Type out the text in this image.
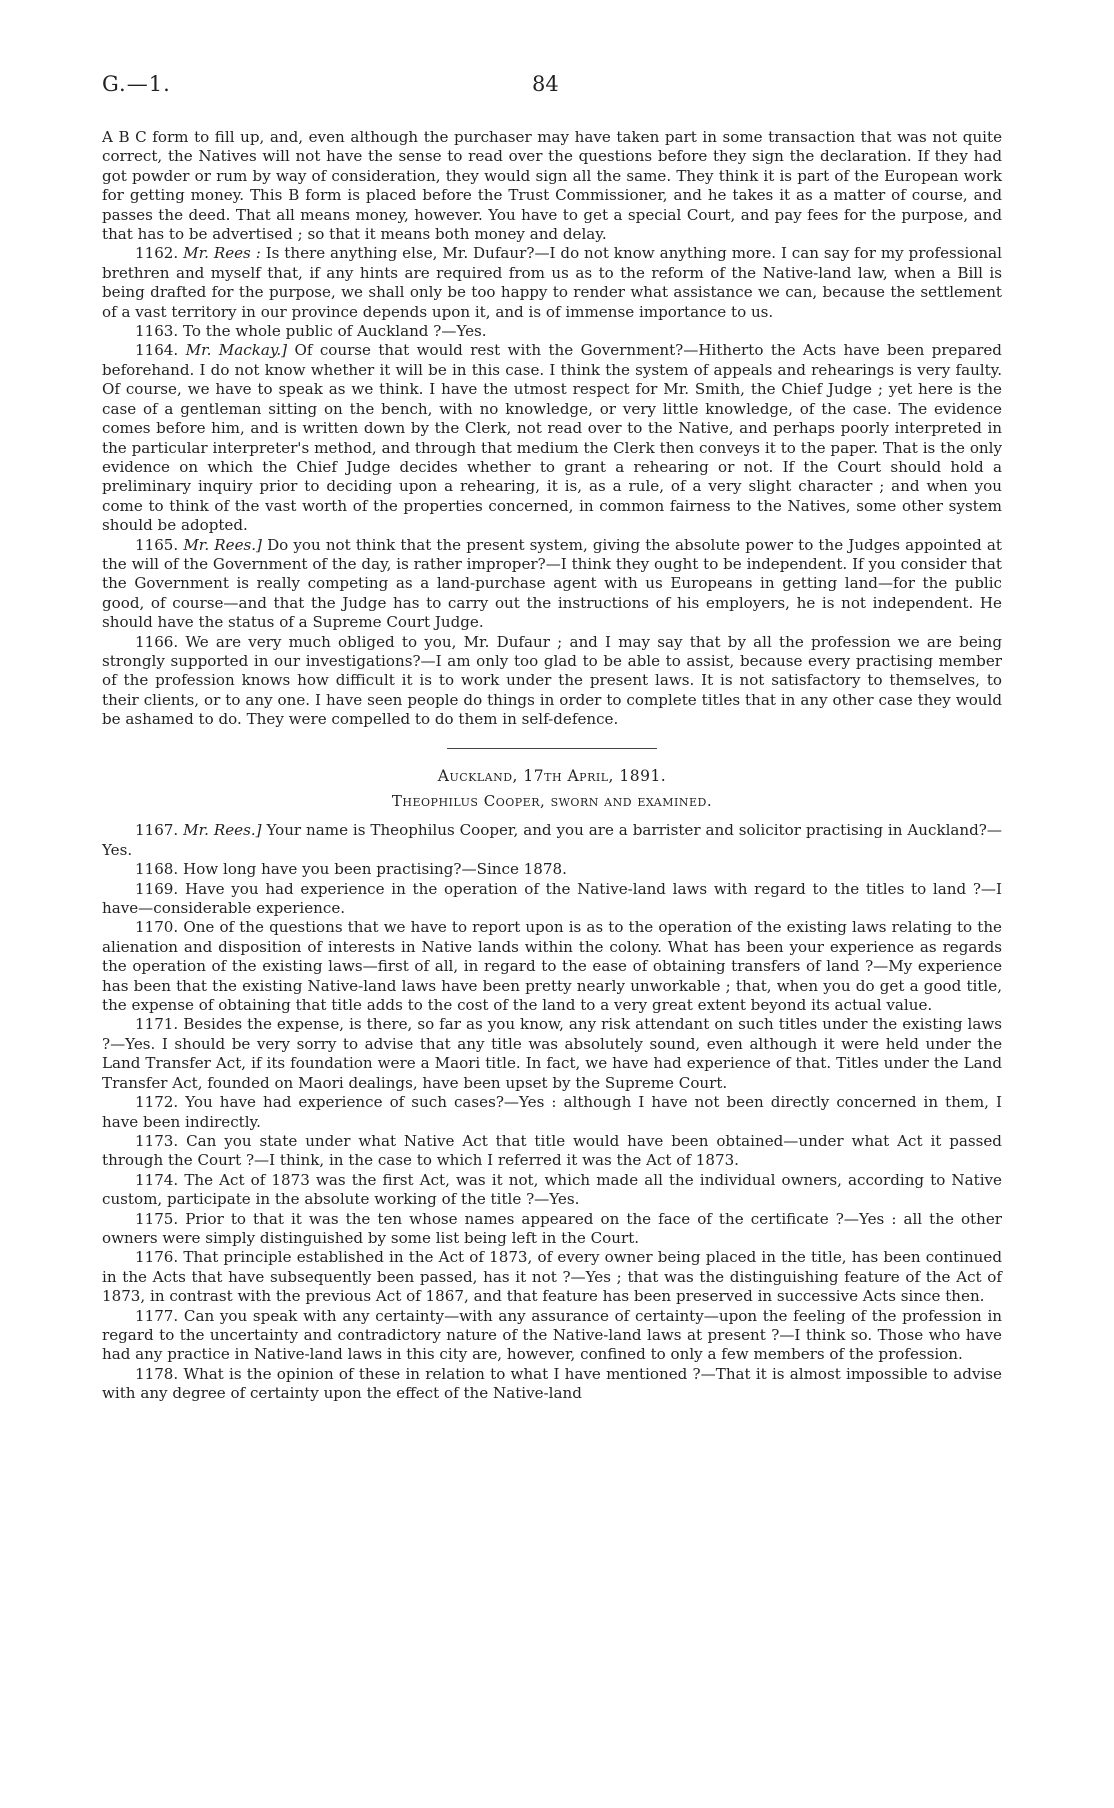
G.—1.	84

A B C form to fill up, and, even although the purchaser may have taken part in some transaction that was not quite correct, the Natives will not have the sense to read over the questions before they sign the declaration. If they had got powder or rum by way of consideration, they would sign all the same. They think it is part of the European work for getting money. This B form is placed before the Trust Commissioner, and he takes it as a matter of course, and passes the deed. That all means money, however. You have to get a special Court, and pay fees for the purpose, and that has to be advertised ; so that it means both money and delay.

1162. Mr. Rees : Is there anything else, Mr. Dufaur?—I do not know anything more. I can say for my professional brethren and myself that, if any hints are required from us as to the reform of the Native-land law, when a Bill is being drafted for the purpose, we shall only be too happy to render what assistance we can, because the settlement of a vast territory in our province depends upon it, and is of immense importance to us.

1163. To the whole public of Auckland ?—Yes.

1164. Mr. Mackay.] Of course that would rest with the Government?—Hitherto the Acts have been prepared beforehand. I do not know whether it will be in this case. I think the system of appeals and rehearings is very faulty. Of course, we have to speak as we think. I have the utmost respect for Mr. Smith, the Chief Judge ; yet here is the case of a gentleman sitting on the bench, with no knowledge, or very little knowledge, of the case. The evidence comes before him, and is written down by the Clerk, not read over to the Native, and perhaps poorly interpreted in the particular interpreter's method, and through that medium the Clerk then conveys it to the paper. That is the only evidence on which the Chief Judge decides whether to grant a rehearing or not. If the Court should hold a preliminary inquiry prior to deciding upon a rehearing, it is, as a rule, of a very slight character ; and when you come to think of the vast worth of the properties concerned, in common fairness to the Natives, some other system should be adopted.

1165. Mr. Rees.] Do you not think that the present system, giving the absolute power to the Judges appointed at the will of the Government of the day, is rather improper?—I think they ought to be independent. If you consider that the Government is really competing as a land-purchase agent with us Europeans in getting land—for the public good, of course—and that the Judge has to carry out the instructions of his employers, he is not independent. He should have the status of a Supreme Court Judge.

1166. We are very much obliged to you, Mr. Dufaur ; and I may say that by all the profession we are being strongly supported in our investigations?—I am only too glad to be able to assist, because every practising member of the profession knows how difficult it is to work under the present laws. It is not satisfactory to themselves, to their clients, or to any one. I have seen people do things in order to complete titles that in any other case they would be ashamed to do. They were compelled to do them in self-defence.

Auckland, 17th April, 1891.

Theophilus Cooper, sworn and examined.

1167. Mr. Rees.] Your name is Theophilus Cooper, and you are a barrister and solicitor practising in Auckland?—Yes.

1168. How long have you been practising?—Since 1878.

1169. Have you had experience in the operation of the Native-land laws with regard to the titles to land ?—I have—considerable experience.

1170. One of the questions that we have to report upon is as to the operation of the existing laws relating to the alienation and disposition of interests in Native lands within the colony. What has been your experience as regards the operation of the existing laws—first of all, in regard to the ease of obtaining transfers of land ?—My experience has been that the existing Native-land laws have been pretty nearly unworkable ; that, when you do get a good title, the expense of obtaining that title adds to the cost of the land to a very great extent beyond its actual value.

1171. Besides the expense, is there, so far as you know, any risk attendant on such titles under the existing laws ?—Yes. I should be very sorry to advise that any title was absolutely sound, even although it were held under the Land Transfer Act, if its foundation were a Maori title. In fact, we have had experience of that. Titles under the Land Transfer Act, founded on Maori dealings, have been upset by the Supreme Court.

1172. You have had experience of such cases?—Yes : although I have not been directly concerned in them, I have been indirectly.

1173. Can you state under what Native Act that title would have been obtained—under what Act it passed through the Court ?—I think, in the case to which I referred it was the Act of 1873.

1174. The Act of 1873 was the first Act, was it not, which made all the individual owners, according to Native custom, participate in the absolute working of the title ?—Yes.

1175. Prior to that it was the ten whose names appeared on the face of the certificate ?—Yes : all the other owners were simply distinguished by some list being left in the Court.

1176. That principle established in the Act of 1873, of every owner being placed in the title, has been continued in the Acts that have subsequently been passed, has it not ?—Yes ; that was the distinguishing feature of the Act of 1873, in contrast with the previous Act of 1867, and that feature has been preserved in successive Acts since then.

1177. Can you speak with any certainty—with any assurance of certainty—upon the feeling of the profession in regard to the uncertainty and contradictory nature of the Native-land laws at present ?—I think so. Those who have had any practice in Native-land laws in this city are, however, confined to only a few members of the profession.

1178. What is the opinion of these in relation to what I have mentioned ?—That it is almost impossible to advise with any degree of certainty upon the effect of the Native-land
